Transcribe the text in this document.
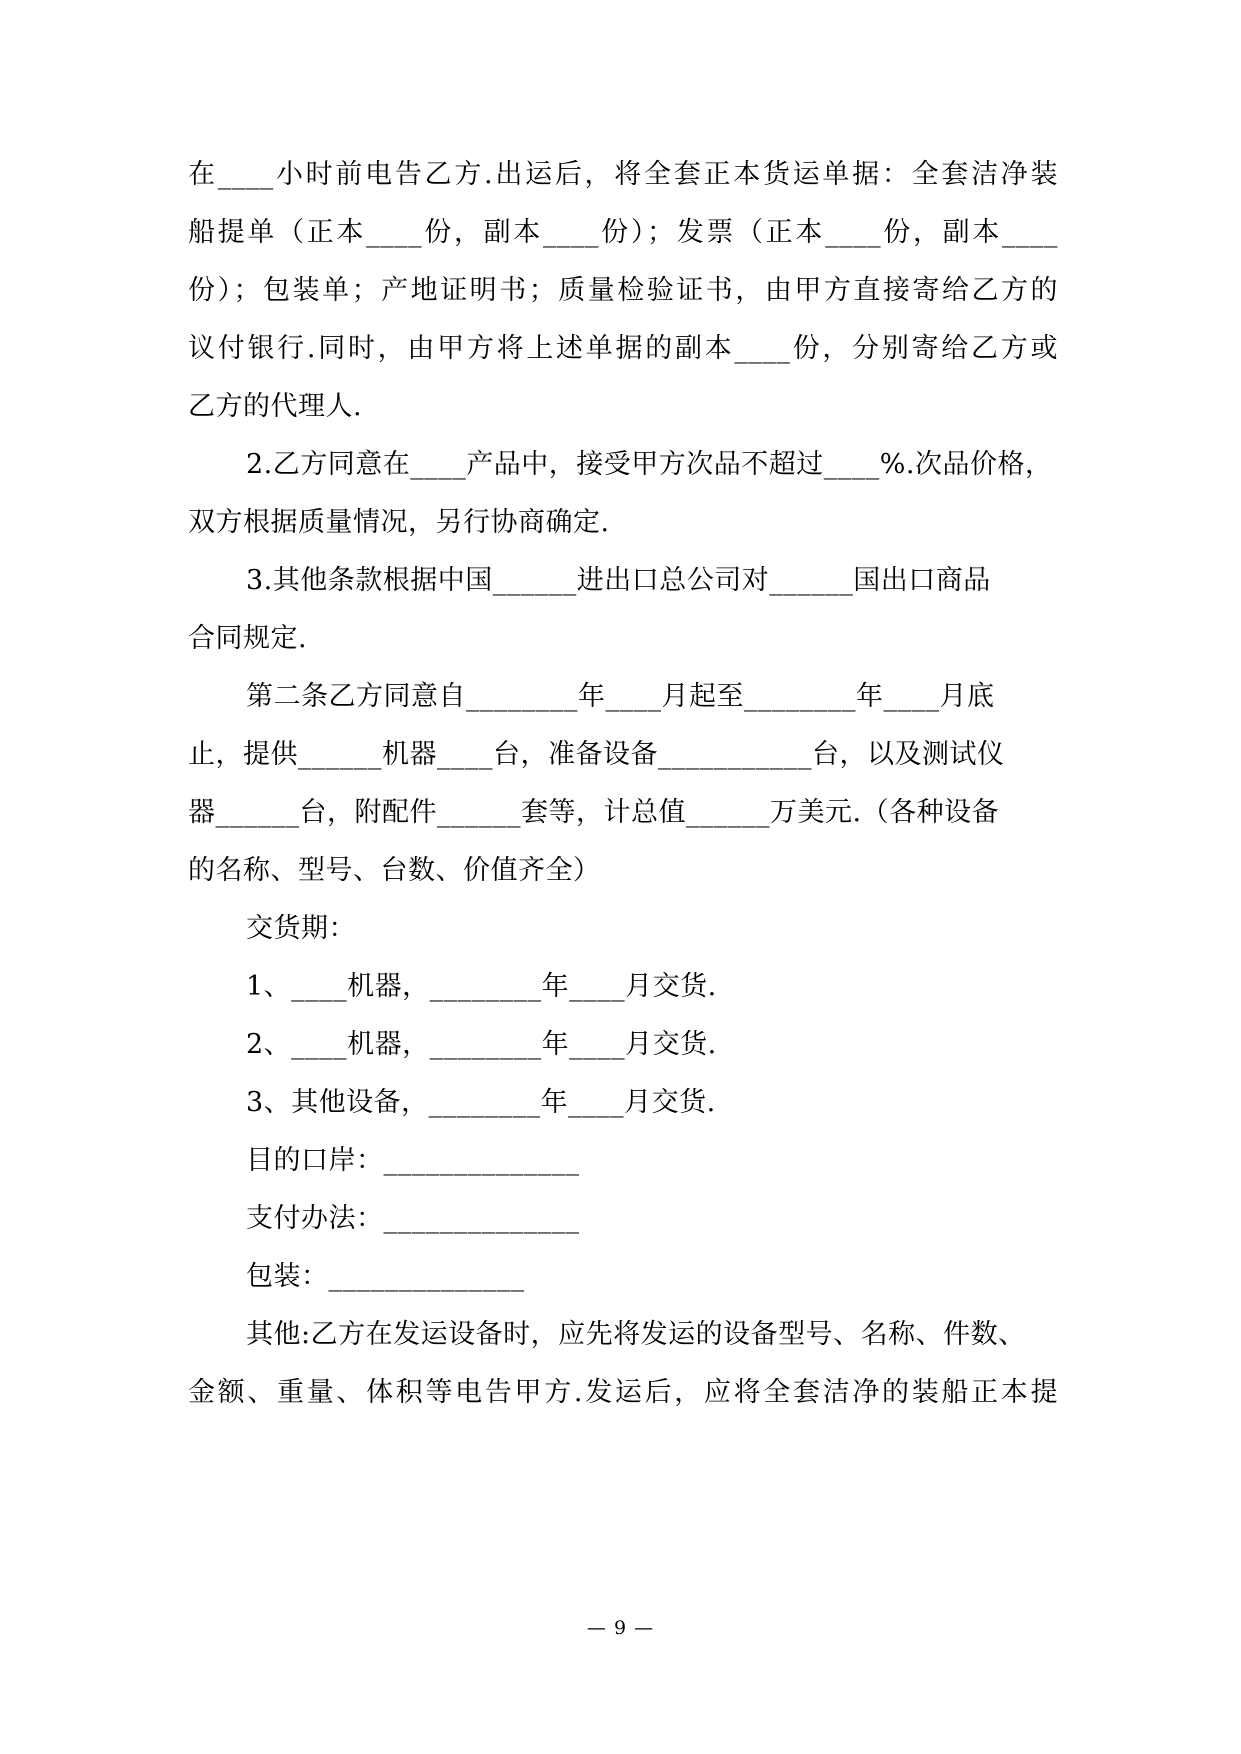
在____小时前电告乙方.出运后，将全套正本货运单据：全套洁净装
船提单（正本____份，副本____份）；发票（正本____份，副本____
份）；包装单；产地证明书；质量检验证书，由甲方直接寄给乙方的
议付银行.同时，由甲方将上述单据的副本____份，分别寄给乙方或
乙方的代理人.
2.乙方同意在____产品中，接受甲方次品不超过____%.次品价格，
双方根据质量情况，另行协商确定.
3.其他条款根据中国______进出口总公司对______国出口商品
合同规定.
第二条乙方同意自________年____月起至________年____月底
止，提供______机器____台，准备设备___________台，以及测试仪
器______台，附配件______套等，计总值______万美元.（各种设备
的名称、型号、台数、价值齐全）
交货期：
1、____机器，________年____月交货.
2、____机器，________年____月交货.
3、其他设备，________年____月交货.
目的口岸：______________
支付办法：______________
包装：______________
其他:乙方在发运设备时，应先将发运的设备型号、名称、件数、
金额、重量、体积等电告甲方.发运后，应将全套洁净的装船正本提
— 9 —
